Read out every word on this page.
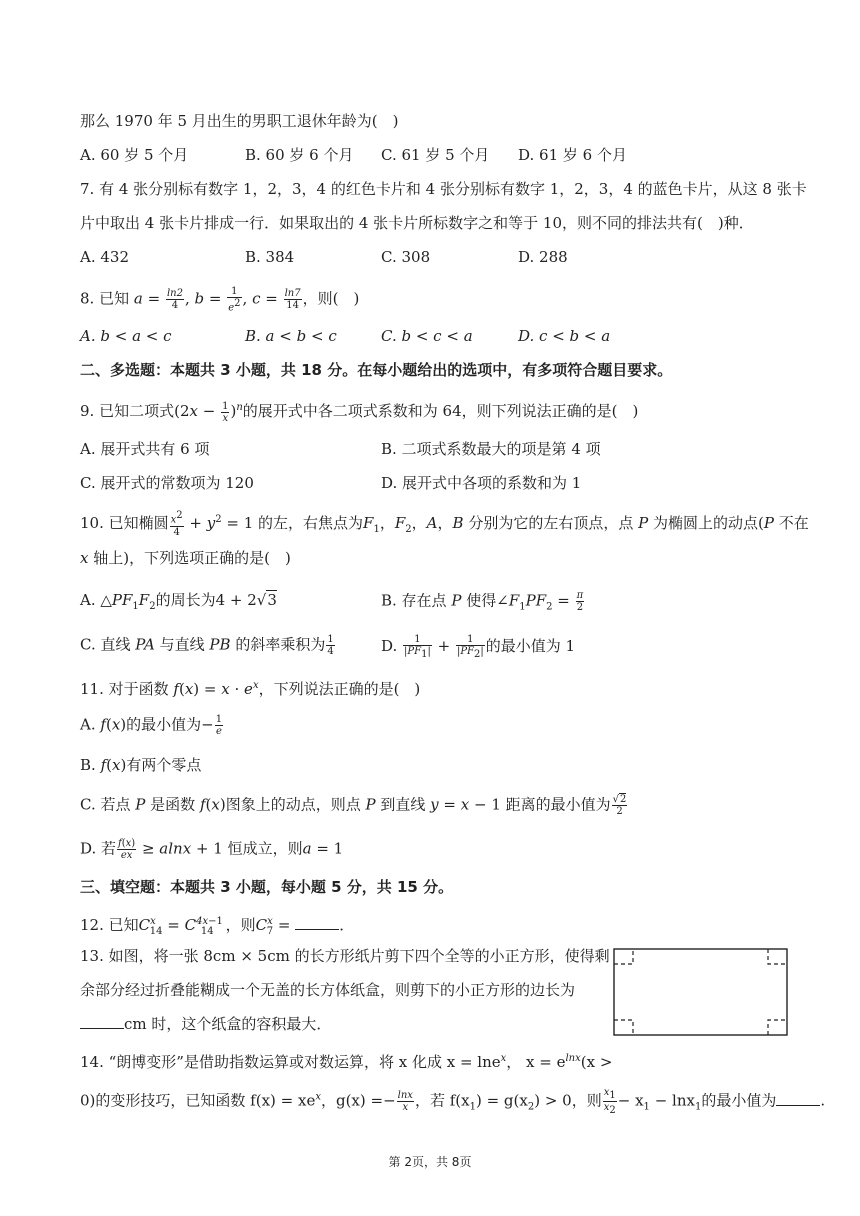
那么 1970 年 5 月出生的男职工退休年龄为(　)
A. 60 岁 5 个月	B. 60 岁 6 个月 C. 61 岁 5 个月 D. 61 岁 6 个月
7. 有 4 张分别标有数字 1，2，3，4 的红色卡片和 4 张分别标有数字 1，2，3，4 的蓝色卡片，从这 8 张卡
片中取出 4 张卡片排成一行．如果取出的 4 张卡片所标数字之和等于 10，则不同的排法共有(　)种．
A. 432	B. 384	C. 308	D. 288
8. 已知 $a = \frac{\ln 2}{4}$ , $b = \frac{1}{e^2}$ , $c = \frac{\ln 7}{14}$ ，则(　)
A. b < a < c	B. a < b < c	C. b < c < a	D. c < b < a
二、多选题：本题共 3 小题，共 18 分。在每小题给出的选项中，有多项符合题目要求。
9. 已知二项式$(2x - \frac{1}{x} )^n$的展开式中各二项式系数和为 64，则下列说法正确的是(　)
A. 展开式共有 6 项	B. 二项式系数最大的项是第 4 项
C. 展开式的常数项为 120	D. 展开式中各项的系数和为 1
10. 已知椭圆 $\frac{x^2}{4} + y^2 = 1$ 的左，右焦点为$F_1$，$F_2$，A，B 分别为它的左右顶点，点 P 为椭圆上的动点(P 不在
x 轴上)，下列选项正确的是(　)
A. $\triangle PF_1F_2$的周长为4 + 2√3	B. 存在点 P 使得$\angle F_1PF_2 = \frac{\pi}{2}$
C. 直线 PA 与直线 PB 的斜率乘积为 $\frac{1}{4}$	D. $\frac{1}{|PF_1|} + \frac{1}{|PF_2|}$ 的最小值为 1
11. 对于函数 $f(x) = x \cdot e^x$，下列说法正确的是(　)
A. f(x)的最小值为− $\frac{1}{e}$
B. f(x)有两个零点
C. 若点 P 是函数 f(x)图象上的动点，则点 P 到直线 y = x − 1 距离的最小值为 $\frac{√2}{2}$
D. 若 $\frac{f(x)}{ex} \ge alnx + 1$ 恒成立，则a = 1
三、填空题：本题共 3 小题，每小题 5 分，共 15 分。
12. 已知$C^x_{14} = C^{4x-1}_{14}$ ，则$C^x_7$ =	．
13. 如图，将一张 8cm × 5cm 的长方形纸片剪下四个全等的小正方形，使得剩
余部分经过折叠能糊成一个无盖的长方体纸盒，则剪下的小正方形的边长为
cm 时，这个纸盒的容积最大．
14. “朗博变形”是借助指数运算或对数运算，将 x 化成 x = lne$^x$， $x = e^{lnx}(x$ >
0)的变形技巧，已知函数 $f(x) = xe^x$，$g(x) =- \frac{\ln x}{x}$ ，若 $f(x_1) = g(x_2) > 0$，则 $\frac{x_1}{x_2} - x_1 - \ln x_1$的最小值为	.
第 2页，共 8页
